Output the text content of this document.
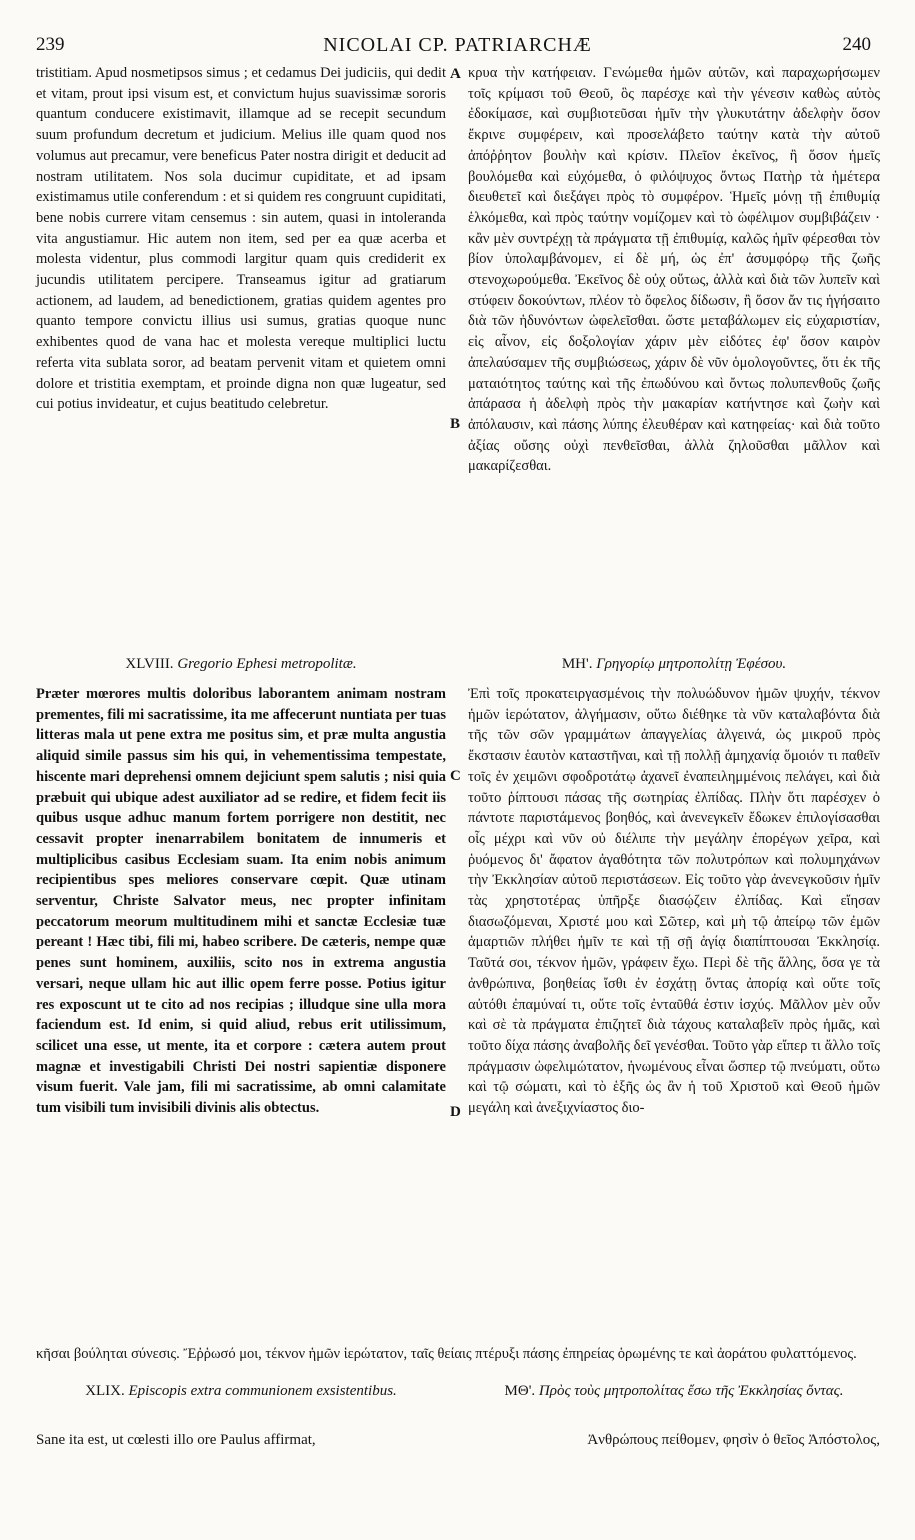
239	NICOLAI CP. PATRIARCHÆ	240
A
B
C
D

tristitiam. Apud nosmetipsos simus ; et cedamus Dei judiciis, qui dedit et vitam, prout ipsi visum est, et convictum hujus suavissimæ sororis quantum conducere existimavit, illamque ad se recepit secundum suum profundum decretum et judicium. Melius ille quam quod nos volumus aut precamur, vere beneficus Pater nostra dirigit et deducit ad nostram utilitatem. Nos sola ducimur cupiditate, et ad ipsam existimamus utile conferendum : et si quidem res congruunt cupiditati, bene nobis currere vitam censemus : sin autem, quasi in intoleranda vita angustiamur. Hic autem non item, sed per ea quæ acerba et molesta videntur, plus commodi largitur quam quis crediderit ex jucundis utilitatem percipere. Transeamus igitur ad gratiarum actionem, ad laudem, ad benedictionem, gratias quidem agentes pro quanto tempore convictu illius usi sumus, gratias quoque nunc exhibentes quod de vana hac et molesta vereque multiplici luctu referta vita sublata soror, ad beatam pervenit vitam et quietem omni dolore et tristitia exemptam, et proinde digna non quæ lugeatur, sed cui potius invideatur, et cujus beatitudo celebretur.

κρυα τὴν κατήφειαν. Γενώμεθα ἡμῶν αὐτῶν, καὶ παραχωρήσωμεν τοῖς κρίμασι τοῦ Θεοῦ, ὃς παρέσχε καὶ τὴν γένεσιν καθὼς αὐτὸς ἐδοκίμασε, καὶ συμβιοτεῦσαι ἡμῖν τὴν γλυκυτάτην ἀδελφὴν ὅσον ἔκρινε συμφέρειν, καὶ προσελάβετο ταύτην κατὰ τὴν αὐτοῦ ἀπόῤῥητον βουλὴν καὶ κρίσιν. Πλεῖον ἐκεῖνος, ἢ ὅσον ἡμεῖς βουλόμεθα καὶ εὐχόμεθα, ὁ φιλόψυχος ὄντως Πατὴρ τὰ ἡμέτερα διευθετεῖ καὶ διεξάγει πρὸς τὸ συμφέρον. Ἡμεῖς μόνῃ τῇ ἐπιθυμίᾳ ἑλκόμεθα, καὶ πρὸς ταύτην νομίζομεν καὶ τὸ ὠφέλιμον συμβιβάζειν · κἂν μὲν συντρέχῃ τὰ πράγματα τῇ ἐπιθυμίᾳ, καλῶς ἡμῖν φέρεσθαι τὸν βίον ὑπολαμβάνομεν, εἰ δὲ μή, ὡς ἐπ' ἀσυμφόρῳ τῆς ζωῆς στενοχωρούμεθα. Ἐκεῖνος δὲ οὐχ οὕτως, ἀλλὰ καὶ διὰ τῶν λυπεῖν καὶ στύφειν δοκούντων, πλέον τὸ ὄφελος δίδωσιν, ἢ ὅσον ἄν τις ἡγήσαιτο διὰ τῶν ἡδυνόντων ὠφελεῖσθαι. ὥστε μεταβάλωμεν εἰς εὐχαριστίαν, εἰς αἶνον, εἰς δοξολογίαν χάριν μὲν εἰδότες ἐφ' ὅσον καιρὸν ἀπελαύσαμεν τῆς συμβιώσεως, χάριν δὲ νῦν ὁμολογοῦντες, ὅτι ἐκ τῆς ματαιότητος ταύτης καὶ τῆς ἐπωδύνου καὶ ὄντως πολυπενθοῦς ζωῆς ἀπάρασα ἡ ἀδελφὴ πρὸς τὴν μακαρίαν κατήντησε καὶ ζωὴν καὶ ἀπόλαυσιν, καὶ πάσης λύπης ἐλευθέραν καὶ κατηφείας· καὶ διὰ τοῦτο ἀξίας οὔσης οὐχὶ πενθεῖσθαι, ἀλλὰ ζηλοῦσθαι μᾶλλον καὶ μακαρίζεσθαι.

XLVIII. Gregorio Ephesi metropolitæ.	ΜΗ'. Γρηγορίῳ μητροπολίτῃ Ἐφέσου.

Præter mœrores multis doloribus laborantem animam nostram prementes, fili mi sacratissime, ita me affecerunt nuntiata per tuas litteras mala ut pene extra me positus sim, et præ multa angustia aliquid simile passus sim his qui, in vehementissima tempestate, hiscente mari deprehensi omnem dejiciunt spem salutis ; nisi quia præbuit qui ubique adest auxiliator ad se redire, et fidem fecit iis quibus usque adhuc manum fortem porrigere non destitit, nec cessavit propter inenarrabilem bonitatem de innumeris et multiplicibus casibus Ecclesiam suam. Ita enim nobis animum recipientibus spes meliores conservare cœpit. Quæ utinam serventur, Christe Salvator meus, nec propter infinitam peccatorum meorum multitudinem mihi et sanctæ Ecclesiæ tuæ pereant ! Hæc tibi, fili mi, habeo scribere. De cæteris, nempe quæ penes sunt hominem, auxiliis, scito nos in extrema angustia versari, neque ullam hic aut illic opem ferre posse. Potius igitur res exposcunt ut te cito ad nos recipias ; illudque sine ulla mora faciendum est. Id enim, si quid aliud, rebus erit utilissimum, scilicet una esse, ut mente, ita et corpore : cætera autem prout magnæ et investigabili Christi Dei nostri sapientiæ disponere visum fuerit. Vale jam, fili mi sacratissime, ab omni calamitate tum visibili tum invisibili divinis alis obtectus.

Ἐπὶ τοῖς προκατειργασμένοις τὴν πολυώδυνον ἡμῶν ψυχήν, τέκνον ἡμῶν ἱερώτατον, ἀλγήμασιν, οὕτω διέθηκε τὰ νῦν καταλαβόντα διὰ τῆς τῶν σῶν γραμμάτων ἀπαγγελίας ἀλγεινά, ὡς μικροῦ πρὸς ἔκστασιν ἑαυτὸν καταστῆναι, καὶ τῇ πολλῇ ἀμηχανίᾳ ὅμοιόν τι παθεῖν τοῖς ἐν χειμῶνι σφοδροτάτῳ ἀχανεῖ ἐναπειλημμένοις πελάγει, καὶ διὰ τοῦτο ῥίπτουσι πάσας τῆς σωτηρίας ἐλπίδας. Πλὴν ὅτι παρέσχεν ὁ πάντοτε παριστάμενος βοηθός, καὶ ἀνενεγκεῖν ἔδωκεν ἐπιλογίσασθαι οἷς μέχρι καὶ νῦν οὐ διέλιπε τὴν μεγάλην ἐπορέγων χεῖρα, καὶ ῥυόμενος δι' ἄφατον ἀγαθότητα τῶν πολυτρόπων καὶ πολυμηχάνων τὴν Ἐκκλησίαν αὐτοῦ περιστάσεων. Εἰς τοῦτο γὰρ ἀνενεγκοῦσιν ἡμῖν τὰς χρηστοτέρας ὑπῆρξε διασῴζειν ἐλπίδας. Καὶ εἴησαν διασωζόμεναι, Χριστέ μου καὶ Σῶτερ, καὶ μὴ τῷ ἀπείρῳ τῶν ἐμῶν ἁμαρτιῶν πλήθει ἡμῖν τε καὶ τῇ σῇ ἁγίᾳ διαπίπτουσαι Ἐκκλησίᾳ. Ταῦτά σοι, τέκνον ἡμῶν, γράφειν ἔχω. Περὶ δὲ τῆς ἄλλης, ὅσα γε τὰ ἀνθρώπινα, βοηθείας ἴσθι ἐν ἐσχάτῃ ὄντας ἀπορίᾳ καὶ οὔτε τοῖς αὐτόθι ἐπαμύναί τι, οὔτε τοῖς ἐνταῦθά ἐστιν ἰσχύς. Μᾶλλον μὲν οὖν καὶ σὲ τὰ πράγματα ἐπιζητεῖ διὰ τάχους καταλαβεῖν πρὸς ἡμᾶς, καὶ τοῦτο δίχα πάσης ἀναβολῆς δεῖ γενέσθαι. Τοῦτο γὰρ εἴπερ τι ἄλλο τοῖς πράγμασιν ὠφελιμώτατον, ἡνωμένους εἶναι ὥσπερ τῷ πνεύματι, οὕτω καὶ τῷ σώματι, καὶ τὸ ἑξῆς ὡς ἂν ἡ τοῦ Χριστοῦ καὶ Θεοῦ ἡμῶν μεγάλη καὶ ἀνεξιχνίαστος διο-

κῆσαι βούληται σύνεσις. Ἔῤῥωσό μοι, τέκνον ἡμῶν ἱερώτατον, ταῖς θείαις πτέρυξι πάσης ἐπηρείας ὁρωμένης τε καὶ ἀοράτου φυλαττόμενος.
XLIX. Episcopis extra communionem exsistentibus.	ΜΘ'. Πρὸς τοὺς μητροπολίτας ἔσω τῆς Ἐκκλησίας ὄντας.
Sane ita est, ut cœlesti illo ore Paulus affirmat,	Ἀνθρώπους πείθομεν, φησὶν ὁ θεῖος Ἀπόστολος,
